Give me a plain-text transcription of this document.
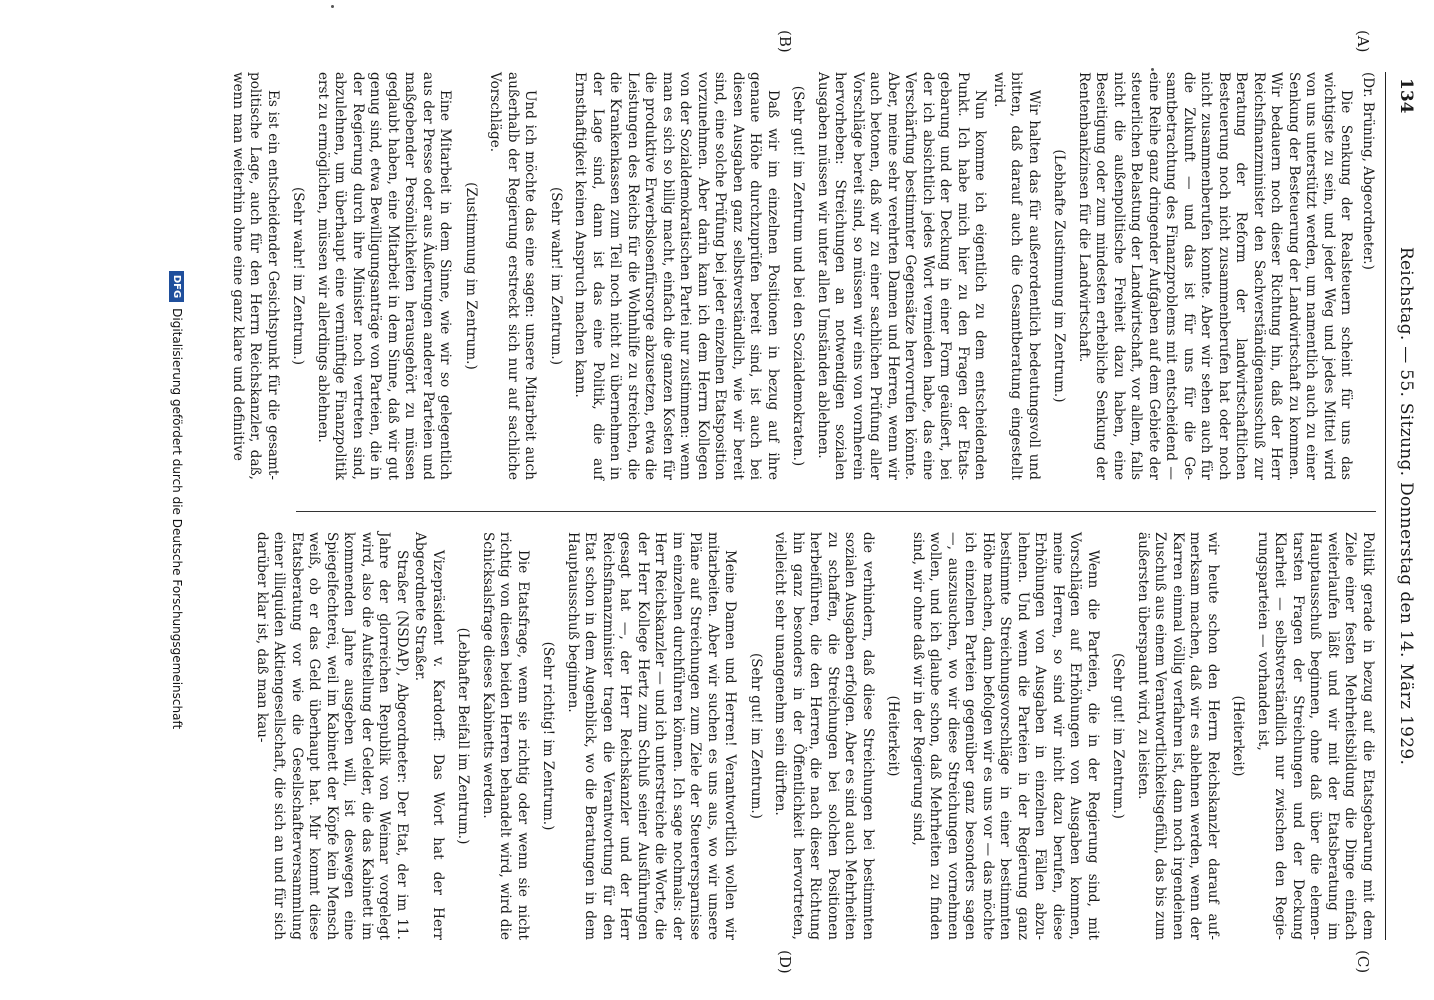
134
Reichstag. — 55. Sitzung. Donnerstag den 14. März 1929.
(A)
(B)
(C)
(D)
(Dr. Brüning, Abgeordneter.)

Die Senkung der Realsteuern scheint für uns das wichtigste zu sein, und jeder Weg und jedes Mittel wird von uns unterstützt werden, um namentlich auch zu einer Senkung der Besteuerung der Landwirtschaft zu kommen. Wir bedauern noch dieser Richtung hin, daß der Herr Reichsfinanzminister den Sachverständigenausschuß zur Beratung der Reform der landwirtschaftlichen Besteuerung noch nicht zusammenberufen hat oder noch nicht zusammenberufen konnte. Aber wir sehen auch für die Zukunft — und das ist für uns für die Gesamtbetrachtung des Finanzproblems mit entscheidend — eine Reihe ganz dringender Aufgaben auf dem Gebiete der steuerlichen Belastung der Landwirtschaft, vor allem, falls nicht die außenpolitische Freiheit dazu haben, eine Beseitigung oder zum mindesten erhebliche Senkung der Rentenbankzinsen für die Landwirtschaft.

(Lebhafte Zustimmung im Zentrum.)

Wir halten das für außerordentlich bedeutungsvoll und bitten, daß darauf auch die Gesamtberatung eingestellt wird.

Nun komme ich eigentlich zu dem entscheidenden Punkt. Ich habe mich hier zu den Fragen der Etatsgebarung und der Deckung in einer Form geäußert, bei der ich absichtlich jedes Wort vermieden habe, das eine Verschärfung bestimmter Gegensätze hervorrufen könnte. Aber, meine sehr verehrten Damen und Herren, wenn wir auch betonen, daß wir zu einer sachlichen Prüfung aller Vorschläge bereit sind, so müssen wir eins von vornherein hervorheben: Streichungen an notwendigen sozialen Ausgaben müssen wir unter allen Umständen ablehnen.

(Sehr gut! im Zentrum und bei den Sozialdemokraten.)

Daß wir im einzelnen Positionen in bezug auf ihre genaue Höhe durchzuprüfen bereit sind, ist auch bei diesen Ausgaben ganz selbstverständlich, wie wir bereit sind, eine solche Prüfung bei jeder einzelnen Etatsposition vorzunehmen. Aber darin kann ich dem Herrn Kollegen von der Sozialdemokratischen Partei nur zustimmen: wenn man es sich so billig macht, einfach die ganzen Kosten für die produktive Erwerbslosenfürsorge abzusetzen, etwa die Leistungen des Reichs für die Wohnhilfe zu streichen, die die Krankenkassen zum Teil noch nicht zu übernehmen in der Lage sind, dann ist das eine Politik, die auf Ernsthaftigkeit keinen Anspruch machen kann.

(Sehr wahr! im Zentrum.)

Und ich möchte das eine sagen: unsere Mitarbeit auch außerhalb der Regierung erstreckt sich nur auf sachliche Vorschläge.

(Zustimmung im Zentrum.)

Eine Mitarbeit in dem Sinne, wie wir so gelegentlich aus der Presse oder aus Äußerungen anderer Parteien und maßgebender Persönlichkeiten herausgehört zu müssen geglaubt haben, eine Mitarbeit in dem Sinne, daß wir gut genug sind, etwa Bewilligungsanträge von Parteien, die in der Regierung durch ihre Minister noch vertreten sind, abzulehnen, um überhaupt eine vernünftige Finanzpolitik erst zu ermöglichen, müssen wir allerdings ablehnen.

(Sehr wahr! im Zentrum.)

Es ist ein entscheidender Gesichtspunkt für die gesamtpolitische Lage, auch für den Herrn Reichskanzler, daß, wenn man weiterhin ohne eine ganz klare und definitive

Politik gerade in bezug auf die Etatsgebarung mit dem Ziele einer festen Mehrheitsbildung die Dinge einfach weiterlaufen läßt und wir mit der Etatsberatung im Hauptausschuß beginnen, ohne daß über die elementarsten Fragen der Streichungen und der Deckung Klarheit — selbstverständlich nur zwischen den Regierungsparteien — vorhanden ist,

(Heiterkeit)

wir heute schon den Herrn Reichskanzler darauf aufmerksam machen, daß wir es ablehnen werden, wenn der Karren einmal völlig verfahren ist, dann noch irgendeinen Zuschuß aus einem Verantwortlichkeitsgefühl, das bis zum äußersten überspannt wird, zu leisten.

(Sehr gut! im Zentrum.)

Wenn die Parteien, die in der Regierung sind, mit Vorschlägen auf Erhöhungen von Ausgaben kommen, meine Herren, so sind wir nicht dazu berufen, diese Erhöhungen von Ausgaben in einzelnen Fällen abzulehnen. Und wenn die Parteien in der Regierung ganz bestimmte Streichungsvorschläge in einer bestimmten Höhe machen, dann befolgen wir es uns vor — das möchte ich einzelnen Parteien gegenüber ganz besonders sagen —, auszusuchen, wo wir diese Streichungen vornehmen wollen, und ich glaube schon, daß Mehrheiten zu finden sind, wir ohne daß wir in der Regierung sind,

(Heiterkeit)

die verhindern, daß diese Streichungen bei bestimmten sozialen Ausgaben erfolgen. Aber es sind auch Mehrheiten zu schaffen, die Streichungen bei solchen Positionen herbeiführen, die den Herren, die nach dieser Richtung hin ganz besonders in der Öffentlichkeit hervortreten, vielleicht sehr unangenehm sein dürften.

(Sehr gut! im Zentrum.)

Meine Damen und Herren! Verantwortlich wollen wir mitarbeiten. Aber wir suchen es uns aus, wo wir unsere Pläne auf Streichungen zum Ziele der Steuerersparnisse im einzelnen durchführen können. Ich sage nochmals: der Herr Reichskanzler — und ich unterstreiche die Worte, die der Herr Kollege Hertz zum Schluß seiner Ausführungen gesagt hat —, der Herr Reichskanzler und der Herr Reichsfinanzminister tragen die Verantwortung für den Etat schon in dem Augenblick, wo die Beratungen in dem Hauptausschuß beginnen.

(Sehr richtig! im Zentrum.)

Die Etatsfrage, wenn sie richtig oder wenn sie nicht richtig von diesen beiden Herren behandelt wird, wird die Schicksalsfrage dieses Kabinetts werden.

(Lebhafter Beifall im Zentrum.)

Vizepräsident v. Kardorff: Das Wort hat der Herr Abgeordnete Straßer.

Straßer (NSDAP), Abgeordneter: Der Etat, der im 11. Jahre der glorreichen Republik von Weimar vorgelegt wird, also die Aufstellung der Gelder, die das Kabinett im kommenden Jahre ausgeben will, ist deswegen eine Spiegelfechterei, weil im Kabinett der Köpfe kein Mensch weiß, ob er das Geld überhaupt hat. Mir kommt diese Etatsberatung vor wie die Gesellschafterversammlung einer illiquiden Aktiengesellschaft, die sich an und für sich darüber klar ist, daß man kau-

DFGDigitalisierung gefördert durch die Deutsche Forschungsgemeinschaft
